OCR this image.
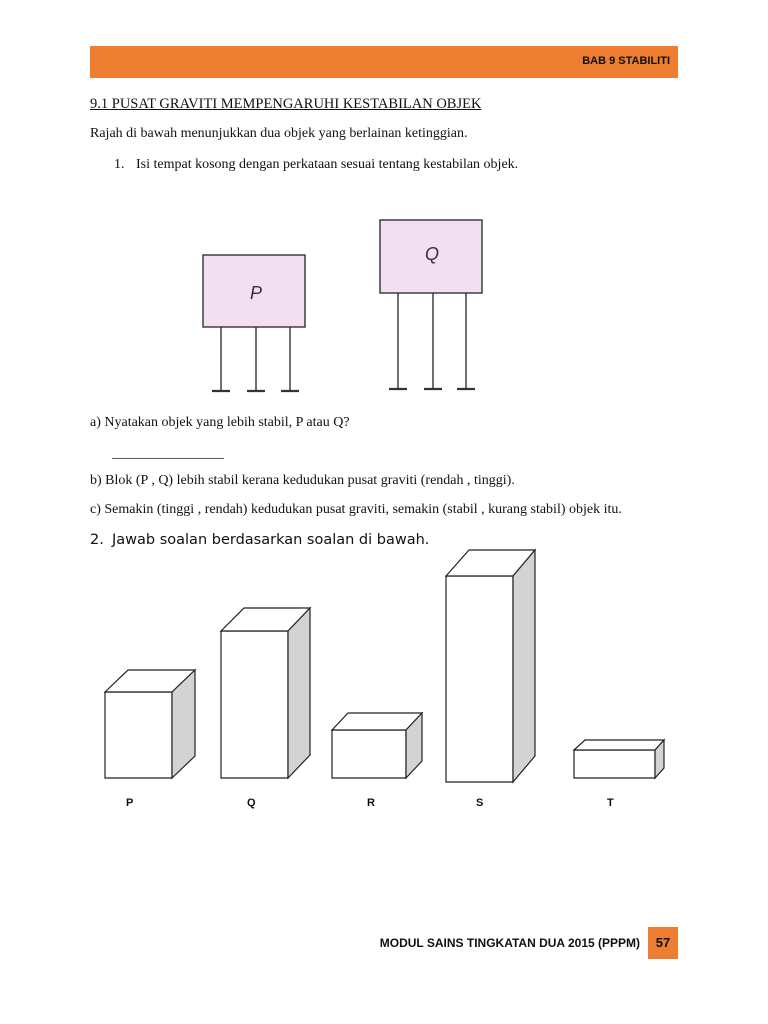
BAB 9 STABILITI
9.1 PUSAT GRAVITI MEMPENGARUHI KESTABILAN OBJEK
Rajah di bawah menunjukkan dua objek yang berlainan ketinggian.
1. Isi tempat kosong dengan perkataan sesuai tentang kestabilan objek.
P
Q
a) Nyatakan objek yang lebih stabil, P atau Q?
________________
b) Blok (P , Q) lebih stabil kerana kedudukan pusat graviti (rendah , tinggi).
c) Semakin (tinggi , rendah) kedudukan pusat graviti, semakin (stabil , kurang stabil) objek itu.
2. Jawab soalan berdasarkan soalan di bawah.
P	Q	R	S	T
MODUL SAINS TINGKATAN DUA 2015 (PPPM)	57
